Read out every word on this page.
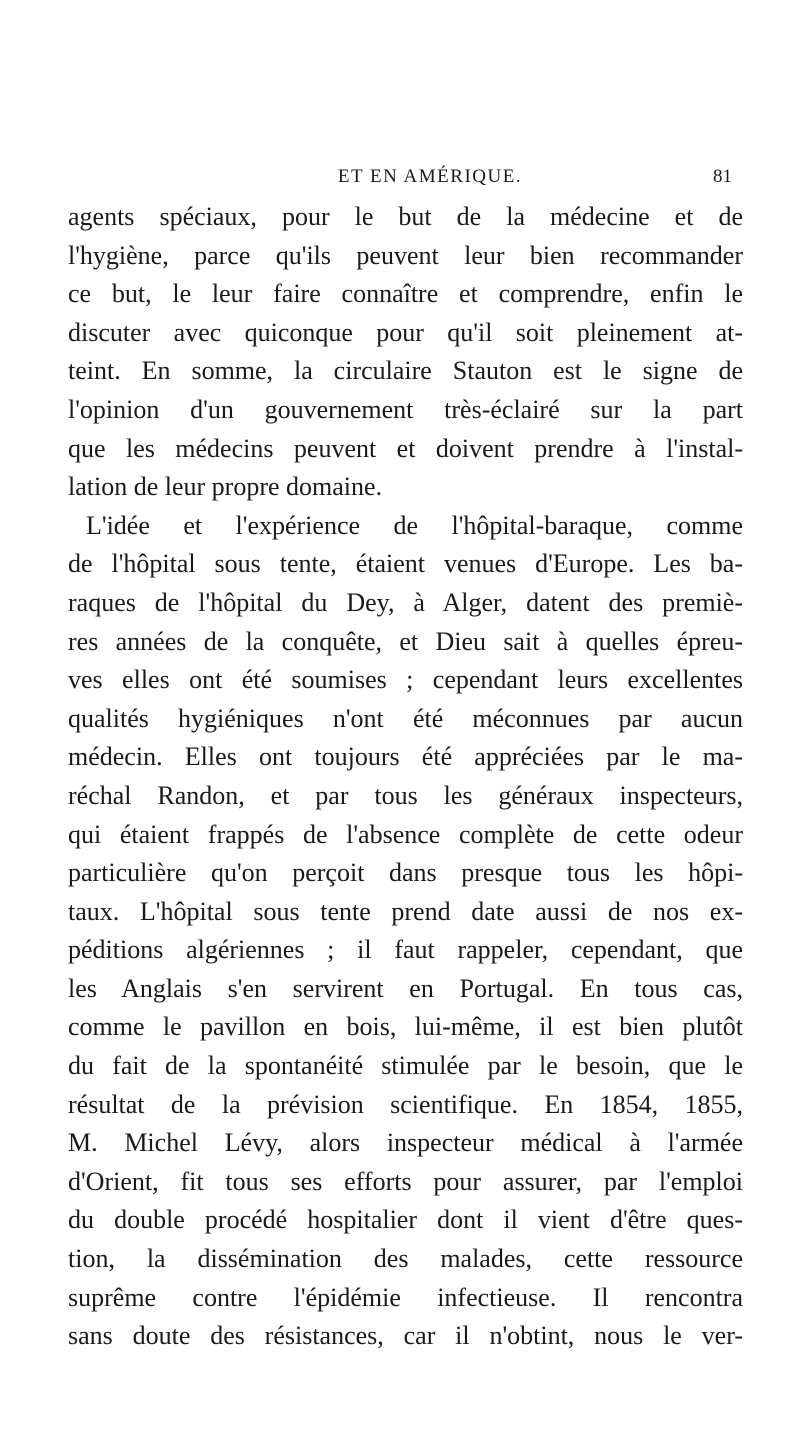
ET EN AMÉRIQUE.	81
agents spéciaux, pour le but de la médecine et de
l'hygiène, parce qu'ils peuvent leur bien recommander
ce but, le leur faire connaître et comprendre, enfin le
discuter avec quiconque pour qu'il soit pleinement at-
teint. En somme, la circulaire Stauton est le signe de
l'opinion d'un gouvernement très-éclairé sur la part
que les médecins peuvent et doivent prendre à l'instal-
lation de leur propre domaine.
L'idée et l'expérience de l'hôpital-baraque, comme
de l'hôpital sous tente, étaient venues d'Europe. Les ba-
raques de l'hôpital du Dey, à Alger, datent des premiè-
res années de la conquête, et Dieu sait à quelles épreu-
ves elles ont été soumises ; cependant leurs excellentes
qualités hygiéniques n'ont été méconnues par aucun
médecin. Elles ont toujours été appréciées par le ma-
réchal Randon, et par tous les généraux inspecteurs,
qui étaient frappés de l'absence complète de cette odeur
particulière qu'on perçoit dans presque tous les hôpi-
taux. L'hôpital sous tente prend date aussi de nos ex-
péditions algériennes ; il faut rappeler, cependant, que
les Anglais s'en servirent en Portugal. En tous cas,
comme le pavillon en bois, lui-même, il est bien plutôt
du fait de la spontanéité stimulée par le besoin, que le
résultat de la prévision scientifique. En 1854, 1855,
M. Michel Lévy, alors inspecteur médical à l'armée
d'Orient, fit tous ses efforts pour assurer, par l'emploi
du double procédé hospitalier dont il vient d'être ques-
tion, la dissémination des malades, cette ressource
suprême contre l'épidémie infectieuse. Il rencontra
sans doute des résistances, car il n'obtint, nous le ver-
